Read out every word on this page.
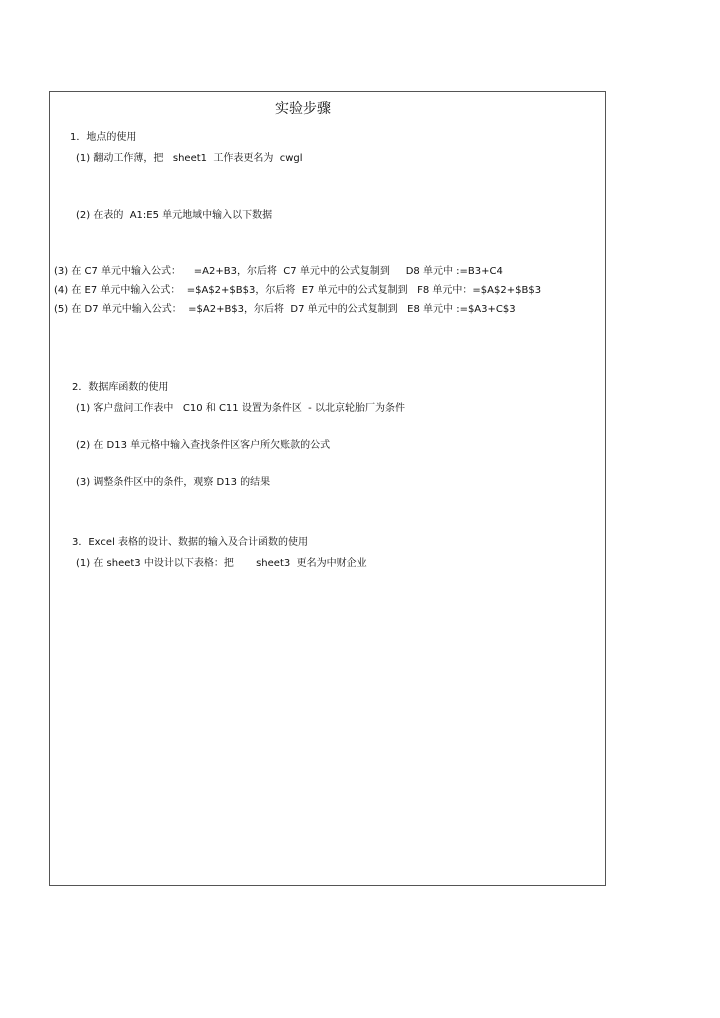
实验步骤
1．地点的使用
(1) 翻动工作薄，把   sheet1  工作表更名为  cwgl
(2) 在表的  A1:E5 单元地域中输入以下数据
(3) 在 C7 单元中输入公式：    =A2+B3，尔后将  C7 单元中的公式复制到     D8 单元中 :=B3+C4
(4) 在 E7 单元中输入公式：  =$A$2+$B$3，尔后将  E7 单元中的公式复制到   F8 单元中：=$A$2+$B$3
(5) 在 D7 单元中输入公式：  =$A2+B$3，尔后将  D7 单元中的公式复制到   E8 单元中 :=$A3+C$3
2．数据库函数的使用
(1) 客户盘问工作表中   C10 和 C11 设置为条件区  - 以北京轮胎厂为条件
(2) 在 D13 单元格中输入查找条件区客户所欠账款的公式
(3) 调整条件区中的条件，观察 D13 的结果
3．Excel 表格的设计、数据的输入及合计函数的使用
(1) 在 sheet3 中设计以下表格：把       sheet3  更名为中财企业
